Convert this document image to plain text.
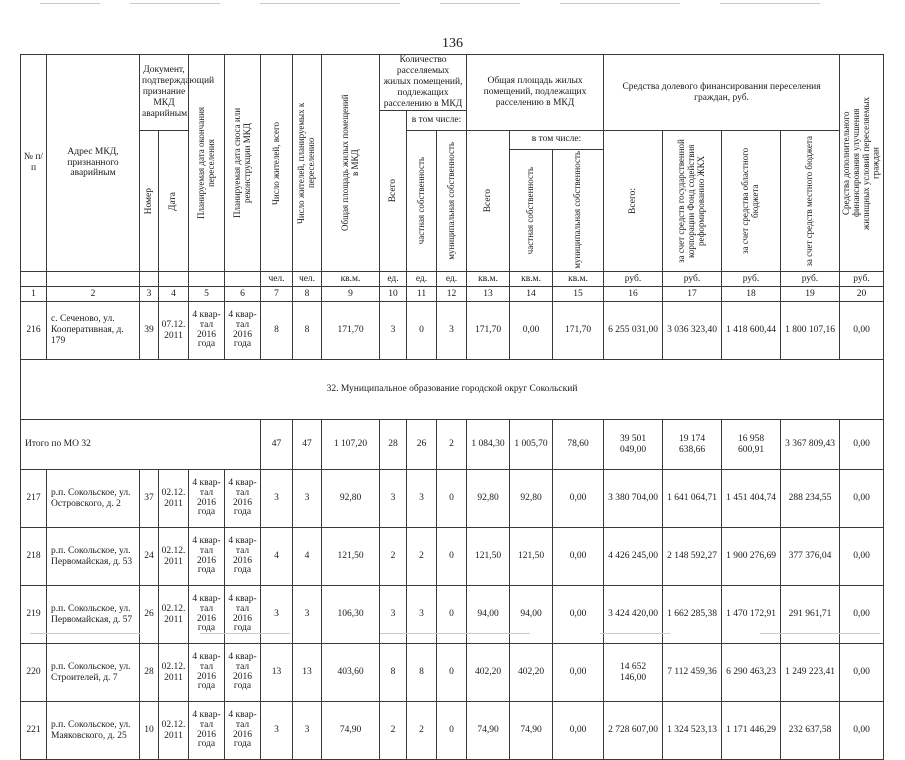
136
№ п/п	Адрес МКД, признанного аварийным	Документ, подтверждающий признание МКД аварийным		Планируемая дата окончания переселения	Планируемая дата сноса или реконструкции МКД	Число жителей, всего	Число жителей, планируемых к переселению	Общая площадь жилых помещений в МКД	Количество расселяемых жилых помещений, подлежащих расселению в МКД			Общая площадь жилых помещений, подлежащих расселению в МКД			Средства долевого финансирования переселения граждан, руб.				Средства дополнительного финансирования улучшения жилищных условий переселяемых граждан

									Всего	в том числе:									

		Номер	Дата							частная собственность	муниципальная собственность	Всего	в том числе:		Всего:	за счет средств государственной корпорации Фонд содействия реформированию ЖКХ	за счет средства областного бюджета	за счет средств местного бюджета	

													частная собственность	муниципальная собственность					

						чел.	чел.	кв.м.	ед.	ед.	ед.	кв.м.	кв.м.	кв.м.	руб.	руб.	руб.	руб.	руб.
1	2	3	4	5	6	7	8	9	10	11	12	13	14	15	16	17	18	19	20
216	с. Сеченово, ул. Кооперативная, д. 179	39	07.12. 2011	4 квар-тал 2016 года	4 квар-тал 2016 года	8	8	171,70	3	0	3	171,70	0,00	171,70	6 255 031,00	3 036 323,40	1 418 600,44	1 800 107,16	0,00
32. Муниципальное образование городской округ Сокольский																			
Итого по МО 32						47	47	1 107,20	28	26	2	1 084,30	1 005,70	78,60	39 501 049,00	19 174 638,66	16 958 600,91	3 367 809,43	0,00
217	р.п. Сокольское, ул. Островского, д. 2	37	02.12. 2011	4 квар-тал 2016 года	4 квар-тал 2016 года	3	3	92,80	3	3	0	92,80	92,80	0,00	3 380 704,00	1 641 064,71	1 451 404,74	288 234,55	0,00
218	р.п. Сокольское, ул. Первомайская, д. 53	24	02.12. 2011	4 квар-тал 2016 года	4 квар-тал 2016 года	4	4	121,50	2	2	0	121,50	121,50	0,00	4 426 245,00	2 148 592,27	1 900 276,69	377 376,04	0,00
219	р.п. Сокольское, ул. Первомайская, д. 57	26	02.12. 2011	4 квар-тал 2016 года	4 квар-тал 2016 года	3	3	106,30	3	3	0	94,00	94,00	0,00	3 424 420,00	1 662 285,38	1 470 172,91	291 961,71	0,00
220	р.п. Сокольское, ул. Строителей, д. 7	28	02.12. 2011	4 квар-тал 2016 года	4 квар-тал 2016 года	13	13	403,60	8	8	0	402,20	402,20	0,00	14 652 146,00	7 112 459,36	6 290 463,23	1 249 223,41	0,00
221	р.п. Сокольское, ул. Маяковского, д. 25	10	02.12. 2011	4 квар-тал 2016 года	4 квар-тал 2016 года	3	3	74,90	2	2	0	74,90	74,90	0,00	2 728 607,00	1 324 523,13	1 171 446,29	232 637,58	0,00
